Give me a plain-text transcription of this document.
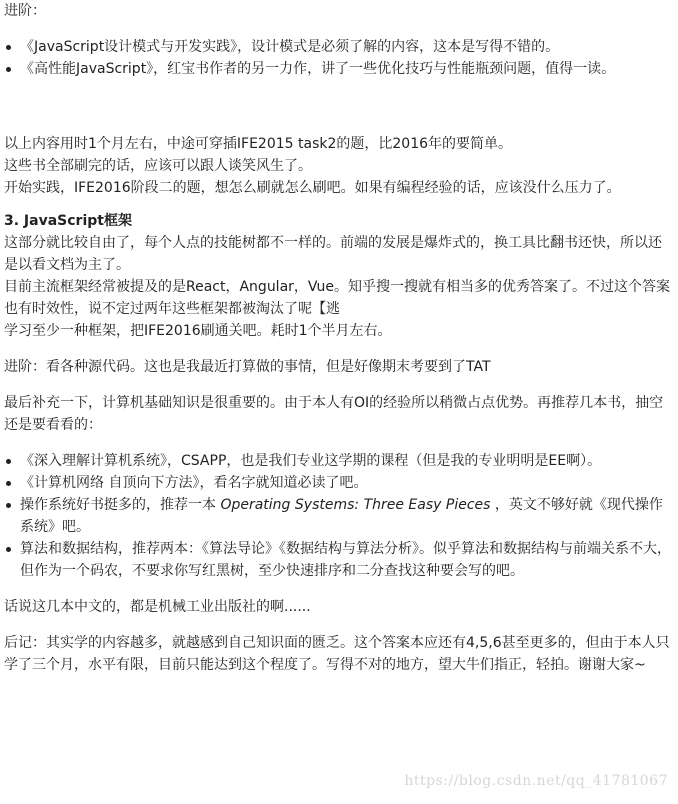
进阶：

《JavaScript设计模式与开发实践》，设计模式是必须了解的内容，这本是写得不错的。
《高性能JavaScript》，红宝书作者的另一力作，讲了一些优化技巧与性能瓶颈问题，值得一读。

以上内容用时1个月左右，中途可穿插IFE2015 task2的题，比2016年的要简单。

这些书全部刷完的话，应该可以跟人谈笑风生了。

开始实践，IFE2016阶段二的题，想怎么刷就怎么刷吧。如果有编程经验的话，应该没什么压力了。

3. JavaScript框架

这部分就比较自由了，每个人点的技能树都不一样的。前端的发展是爆炸式的，换工具比翻书还快，所以还是以看文档为主了。

目前主流框架经常被提及的是React，Angular，Vue。知乎搜一搜就有相当多的优秀答案了。不过这个答案也有时效性，说不定过两年这些框架都被淘汰了呢【逃

学习至少一种框架，把IFE2016刷通关吧。耗时1个半月左右。

进阶：看各种源代码。这也是我最近打算做的事情，但是好像期末考要到了TAT

最后补充一下，计算机基础知识是很重要的。由于本人有OI的经验所以稍微占点优势。再推荐几本书，抽空还是要看看的：

《深入理解计算机系统》，CSAPP，也是我们专业这学期的课程（但是我的专业明明是EE啊）。
《计算机网络 自顶向下方法》，看名字就知道必读了吧。
操作系统好书挺多的，推荐一本 Operating Systems: Three Easy Pieces ，英文不够好就《现代操作系统》吧。
算法和数据结构，推荐两本：《算法导论》《数据结构与算法分析》。似乎算法和数据结构与前端关系不大，但作为一个码农，不要求你写红黑树，至少快速排序和二分查找这种要会写的吧。

话说这几本中文的，都是机械工业出版社的啊......

后记：其实学的内容越多，就越感到自己知识面的匮乏。这个答案本应还有4,5,6甚至更多的，但由于本人只学了三个月，水平有限，目前只能达到这个程度了。写得不对的地方，望大牛们指正，轻拍。谢谢大家~

https://blog.csdn.net/qq_41781067
